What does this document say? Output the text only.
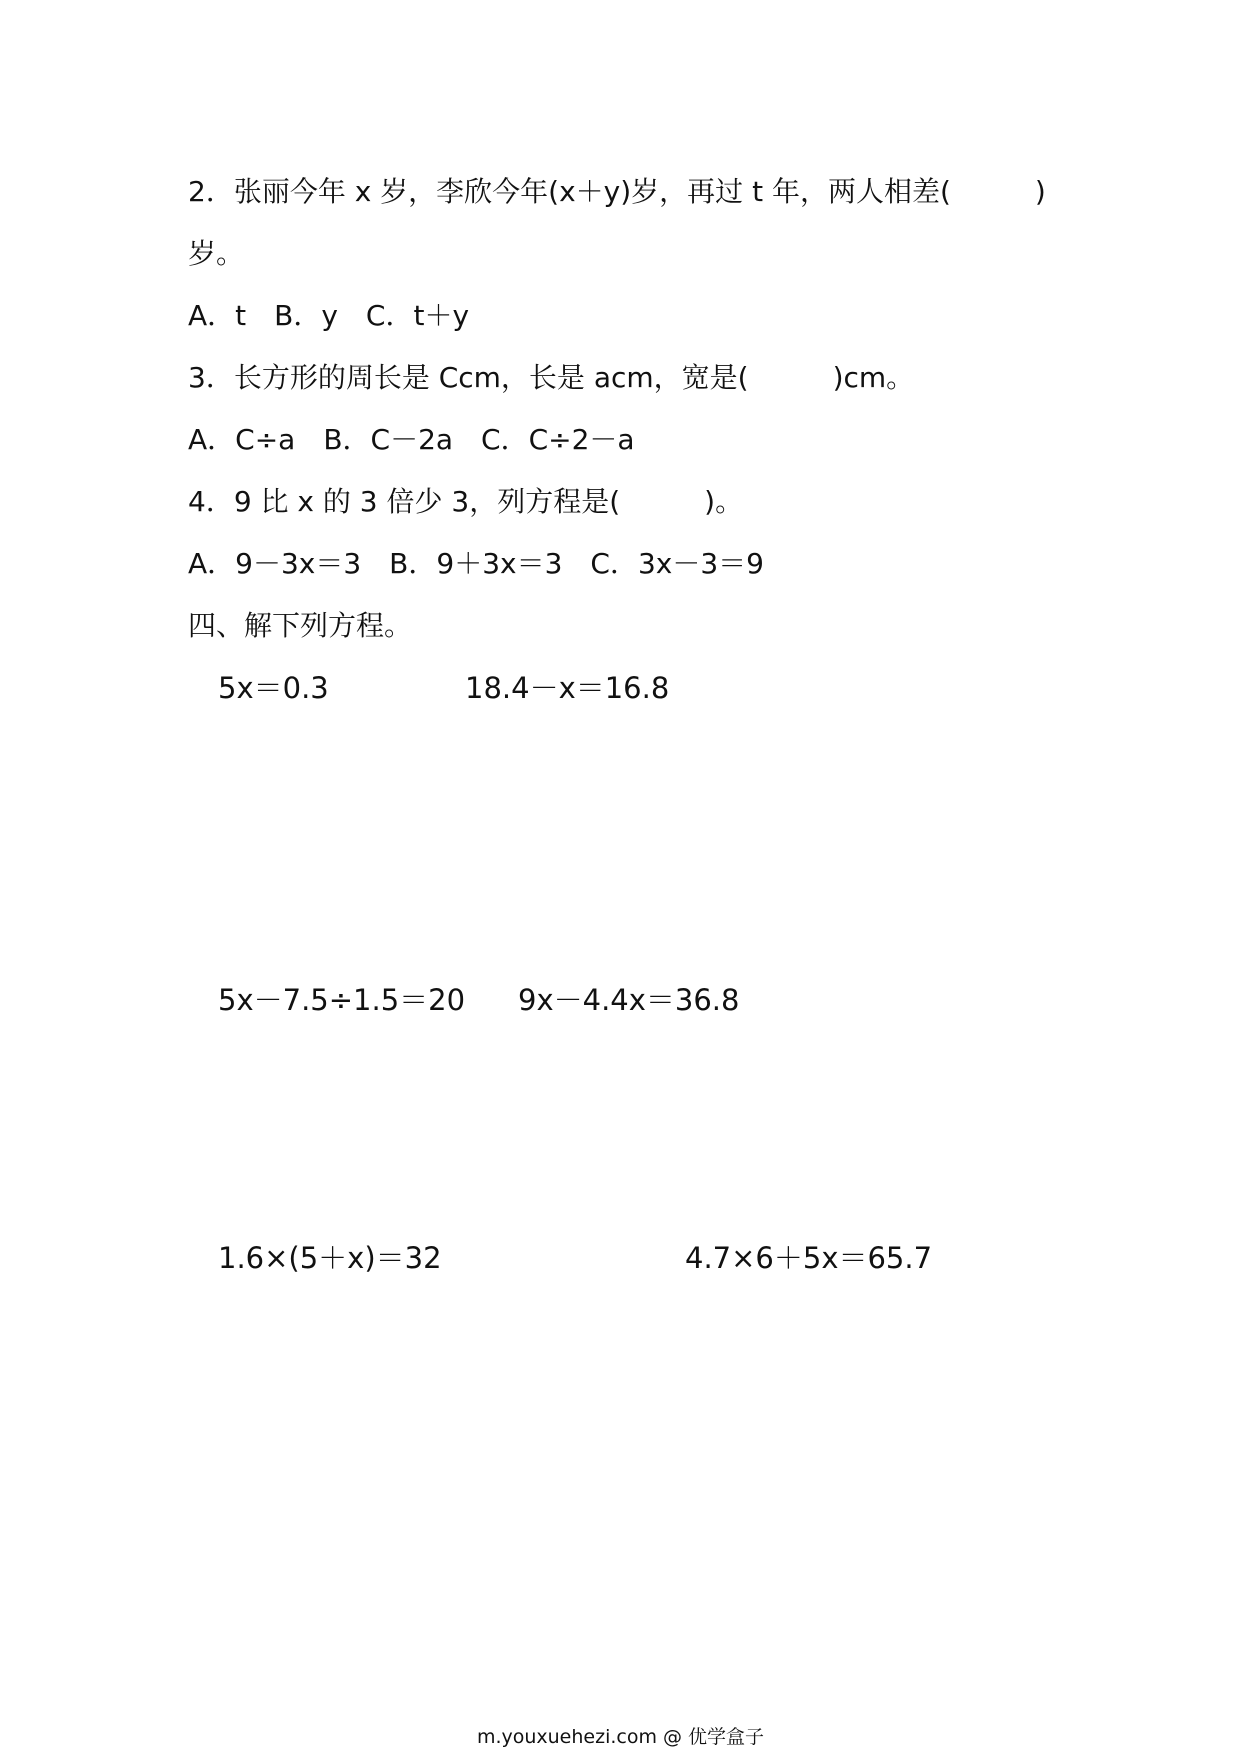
2．张丽今年 x 岁，李欣今年(x＋y)岁，再过 t 年，两人相差(　　　)
岁。
A．t　B．y　C．t＋y
3．长方形的周长是 Ccm，长是 acm，宽是(　　　)cm。
A．C÷a　B．C－2a　C．C÷2－a
4．9 比 x 的 3 倍少 3，列方程是(　　　)。
A．9－3x＝3　B．9＋3x＝3　C．3x－3＝9
四、解下列方程。
5x＝0.3	18.4－x＝16.8
5x－7.5÷1.5＝20 9x－4.4x＝36.8
1.6×(5＋x)＝32	4.7×6＋5x＝65.7
m.youxuehezi.com @ 优学盒子
